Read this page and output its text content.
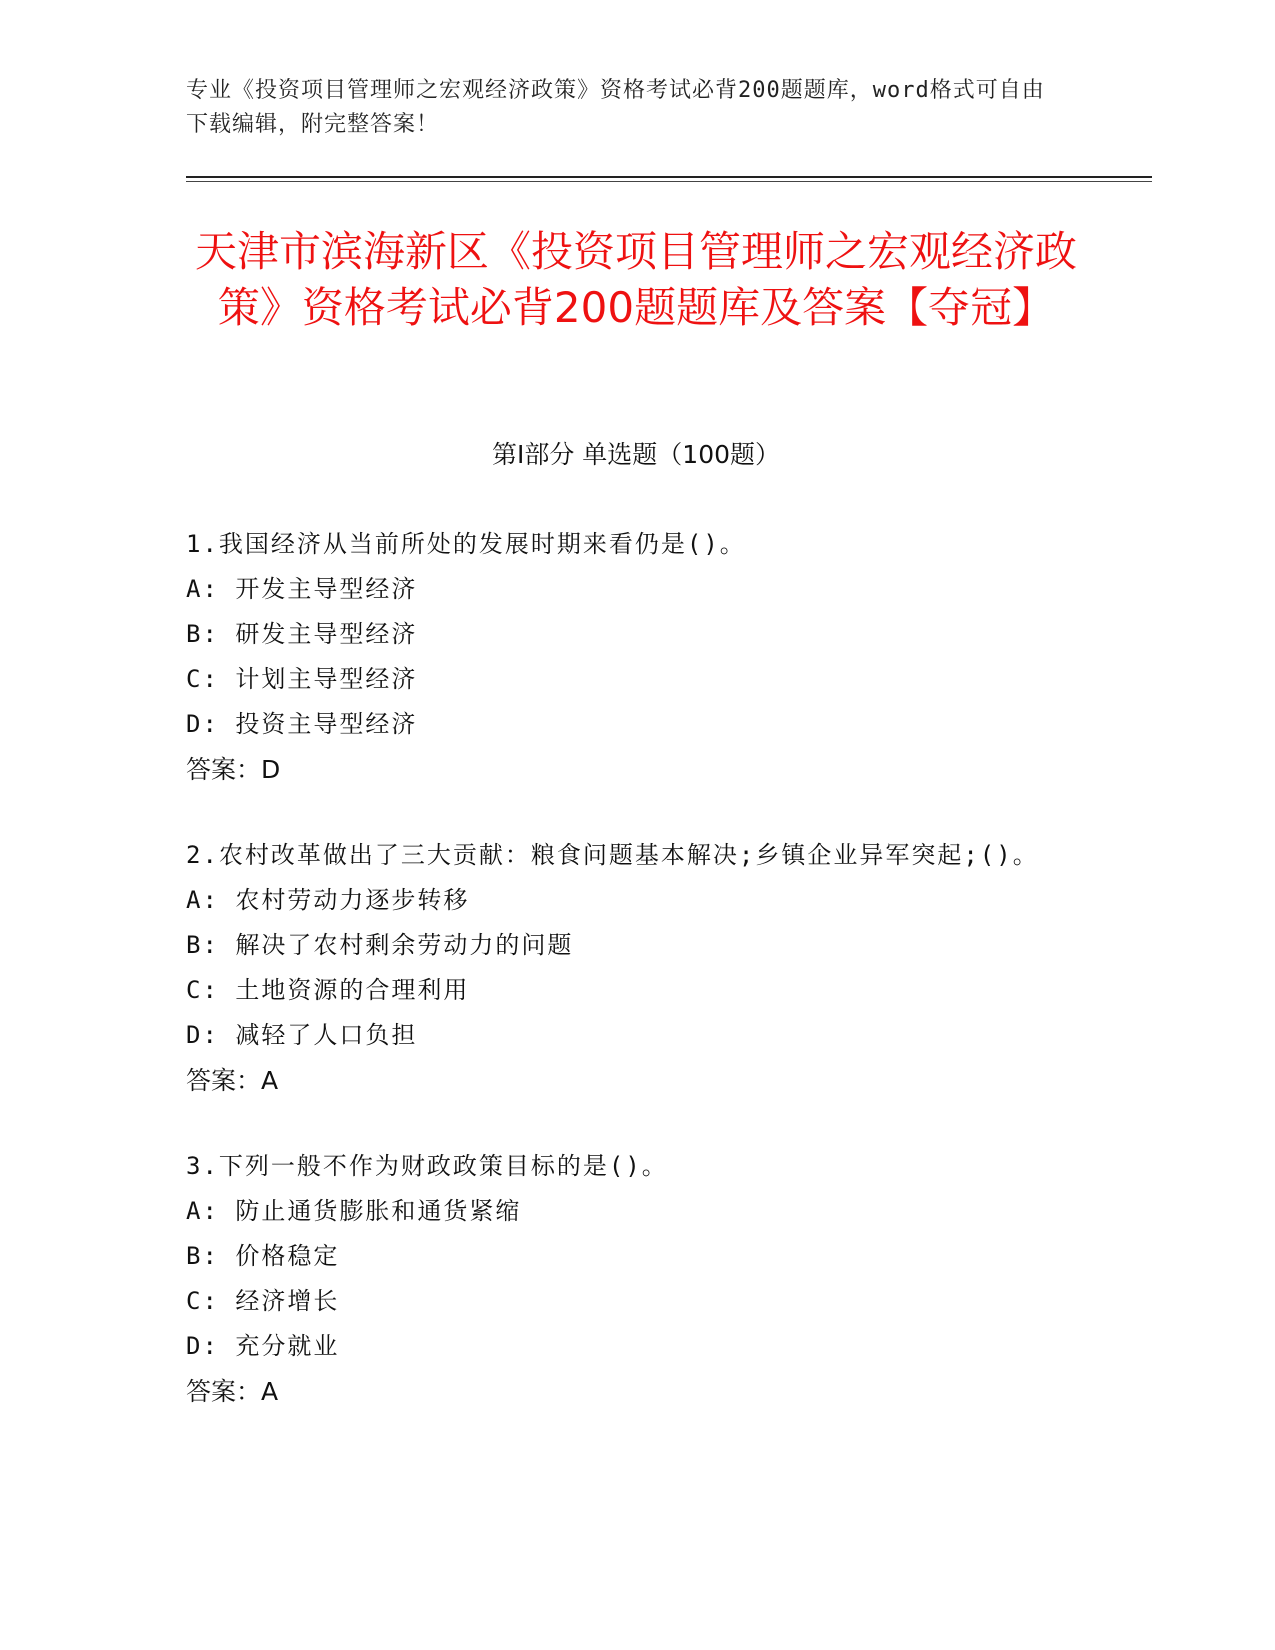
专业《投资项目管理师之宏观经济政策》资格考试必背200题题库，word格式可自由下载编辑，附完整答案！
天津市滨海新区《投资项目管理师之宏观经济政策》资格考试必背200题题库及答案【夺冠】
第Ⅰ部分 单选题（100题）

1.我国经济从当前所处的发展时期来看仍是()。

A: 开发主导型经济

B: 研发主导型经济

C: 计划主导型经济

D: 投资主导型经济

答案：D

2.农村改革做出了三大贡献：粮食问题基本解决;乡镇企业异军突起;()。

A: 农村劳动力逐步转移

B: 解决了农村剩余劳动力的问题

C: 土地资源的合理利用

D: 减轻了人口负担

答案：A

3.下列一般不作为财政政策目标的是()。

A: 防止通货膨胀和通货紧缩

B: 价格稳定

C: 经济增长

D: 充分就业

答案：A
